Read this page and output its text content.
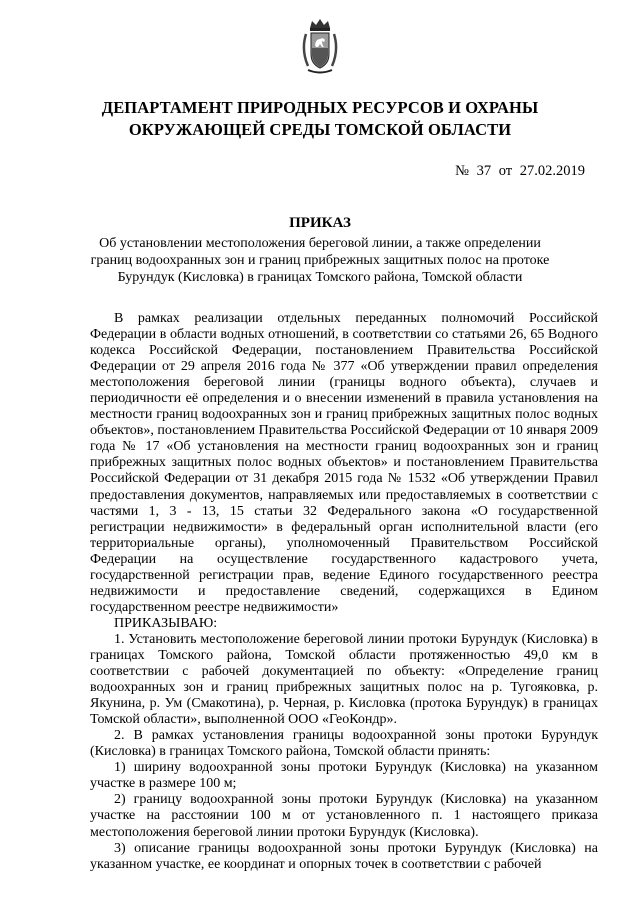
ДЕПАРТАМЕНТ ПРИРОДНЫХ РЕСУРСОВ И ОХРАНЫ
ОКРУЖАЮЩЕЙ СРЕДЫ ТОМСКОЙ ОБЛАСТИ
№ 37 от 27.02.2019
ПРИКАЗ
Об установлении местоположения береговой линии, а также определении границ водоохранных зон и границ прибрежных защитных полос на протоке Бурундук (Кисловка) в границах Томского района, Томской области

В рамках реализации отдельных переданных полномочий Российской Федерации в области водных отношений, в соответствии со статьями 26, 65 Водного кодекса Российской Федерации, постановлением Правительства Российской Федерации от 29 апреля 2016 года № 377 «Об утверждении правил определения местоположения береговой линии (границы водного объекта), случаев и периодичности её определения и о внесении изменений в правила установления на местности границ водоохранных зон и границ прибрежных защитных полос водных объектов», постановлением Правительства Российской Федерации от 10 января 2009 года № 17 «Об установления на местности границ водоохранных зон и границ прибрежных защитных полос водных объектов» и постановлением Правительства Российской Федерации от 31 декабря 2015 года № 1532 «Об утверждении Правил предоставления документов, направляемых или предоставляемых в соответствии с частями 1, 3 - 13, 15 статьи 32 Федерального закона «О государственной регистрации недвижимости» в федеральный орган исполнительной власти (его территориальные органы), уполномоченный Правительством Российской Федерации на осуществление государственного кадастрового учета, государственной регистрации прав, ведение Единого государственного реестра недвижимости и предоставление сведений, содержащихся в Едином государственном реестре недвижимости»

ПРИКАЗЫВАЮ:

1. Установить местоположение береговой линии протоки Бурундук (Кисловка) в границах Томского района, Томской области протяженностью 49,0 км в соответствии с рабочей документацией по объекту: «Определение границ водоохранных зон и границ прибрежных защитных полос на р. Тугояковка, р. Якунина, р. Ум (Смакотина), р. Черная, р. Кисловка (протока Бурундук) в границах Томской области», выполненной ООО «ГеоКондр».

2. В рамках установления границы водоохранной зоны протоки Бурундук (Кисловка) в границах Томского района, Томской области принять:

1) ширину водоохранной зоны протоки Бурундук (Кисловка) на указанном участке в размере 100 м;

2) границу водоохранной зоны протоки Бурундук (Кисловка) на указанном участке на расстоянии 100 м от установленного п. 1 настоящего приказа местоположения береговой линии протоки Бурундук (Кисловка).

3) описание границы водоохранной зоны протоки Бурундук (Кисловка) на указанном участке, ее координат и опорных точек в соответствии с рабочей
